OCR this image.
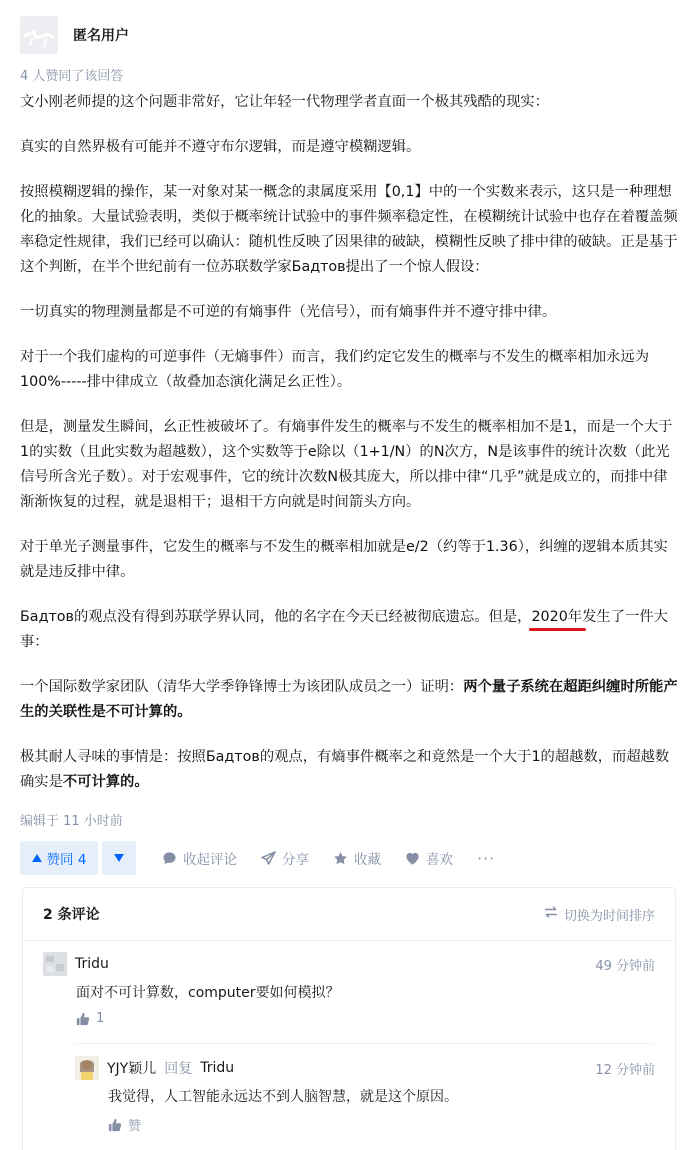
匿名用户
4 人赞同了该回答

文小刚老师提的这个问题非常好，它让年轻一代物理学者直面一个极其残酷的现实：

真实的自然界极有可能并不遵守布尔逻辑，而是遵守模糊逻辑。

按照模糊逻辑的操作，某一对象对某一概念的隶属度采用【0,1】中的一个实数来表示，这只是一种理想化的抽象。大量试验表明，类似于概率统计试验中的事件频率稳定性，在模糊统计试验中也存在着覆盖频率稳定性规律，我们已经可以确认：随机性反映了因果律的破缺，模糊性反映了排中律的破缺。正是基于这个判断，在半个世纪前有一位苏联数学家Бадтов提出了一个惊人假设：

一切真实的物理测量都是不可逆的有熵事件（光信号），而有熵事件并不遵守排中律。

对于一个我们虚构的可逆事件（无熵事件）而言，我们约定它发生的概率与不发生的概率相加永远为100%-----排中律成立（故叠加态演化满足幺正性）。

但是，测量发生瞬间，幺正性被破坏了。有熵事件发生的概率与不发生的概率相加不是1，而是一个大于1的实数（且此实数为超越数），这个实数等于e除以（1+1/N）的N次方，N是该事件的统计次数（此光信号所含光子数）。对于宏观事件，它的统计次数N极其庞大，所以排中律“几乎”就是成立的，而排中律渐渐恢复的过程，就是退相干；退相干方向就是时间箭头方向。

对于单光子测量事件，它发生的概率与不发生的概率相加就是e/2（约等于1.36），纠缠的逻辑本质其实就是违反排中律。

Бадтов的观点没有得到苏联学界认同，他的名字在今天已经被彻底遗忘。但是，2020年发生了一件大事：

一个国际数学家团队（清华大学季铮锋博士为该团队成员之一）证明：两个量子系统在超距纠缠时所能产生的关联性是不可计算的。

极其耐人寻味的事情是：按照Бадтов的观点，有熵事件概率之和竟然是一个大于1的超越数，而超越数确实是不可计算的。

编辑于 11 小时前
赞同 4	收起评论	分享	收藏	喜欢 ···
2 条评论	切换为时间排序
Tridu	49 分钟前
面对不可计算数，computer要如何模拟？
1
YJY颖儿 回复 Tridu	12 分钟前
我觉得，人工智能永远达不到人脑智慧，就是这个原因。
赞
